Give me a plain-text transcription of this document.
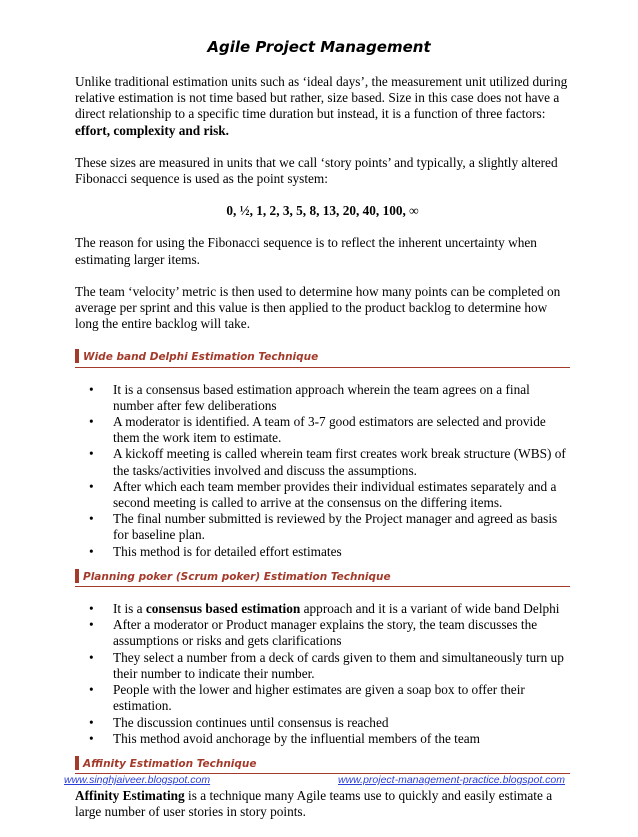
Agile Project Management

Unlike traditional estimation units such as ‘ideal days’, the measurement unit utilized during relative estimation is not time based but rather, size based. Size in this case does not have a direct relationship to a specific time duration but instead, it is a function of three factors: effort, complexity and risk.

These sizes are measured in units that we call ‘story points’ and typically, a slightly altered Fibonacci sequence is used as the point system:

0, ½, 1, 2, 3, 5, 8, 13, 20, 40, 100, ∞

The reason for using the Fibonacci sequence is to reflect the inherent uncertainty when estimating larger items.

The team ‘velocity’ metric is then used to determine how many points can be completed on average per sprint and this value is then applied to the product backlog to determine how long the entire backlog will take.

Wide band Delphi Estimation Technique
• It is a consensus based estimation approach wherein the team agrees on a final number after few deliberations
• A moderator is identified. A team of 3-7 good estimators are selected and provide them the work item to estimate.
• A kickoff meeting is called wherein team first creates work break structure (WBS) of the tasks/activities involved and discuss the assumptions.
• After which each team member provides their individual estimates separately and a second meeting is called to arrive at the consensus on the differing items.
• The final number submitted is reviewed by the Project manager and agreed as basis for baseline plan.
• This method is for detailed effort estimates
Planning poker (Scrum poker) Estimation Technique
• It is a consensus based estimation approach and it is a variant of wide band Delphi
• After a moderator or Product manager explains the story, the team discusses the assumptions or risks and gets clarifications
• They select a number from a deck of cards given to them and simultaneously turn up their number to indicate their number.
• People with the lower and higher estimates are given a soap box to offer their estimation.
• The discussion continues until consensus is reached
• This method avoid anchorage by the influential members of the team
Affinity Estimation Technique

Affinity Estimating is a technique many Agile teams use to quickly and easily estimate a large number of user stories in story points.

www.singhjaiveer.blogspot.com	www.project-management-practice.blogspot.com
